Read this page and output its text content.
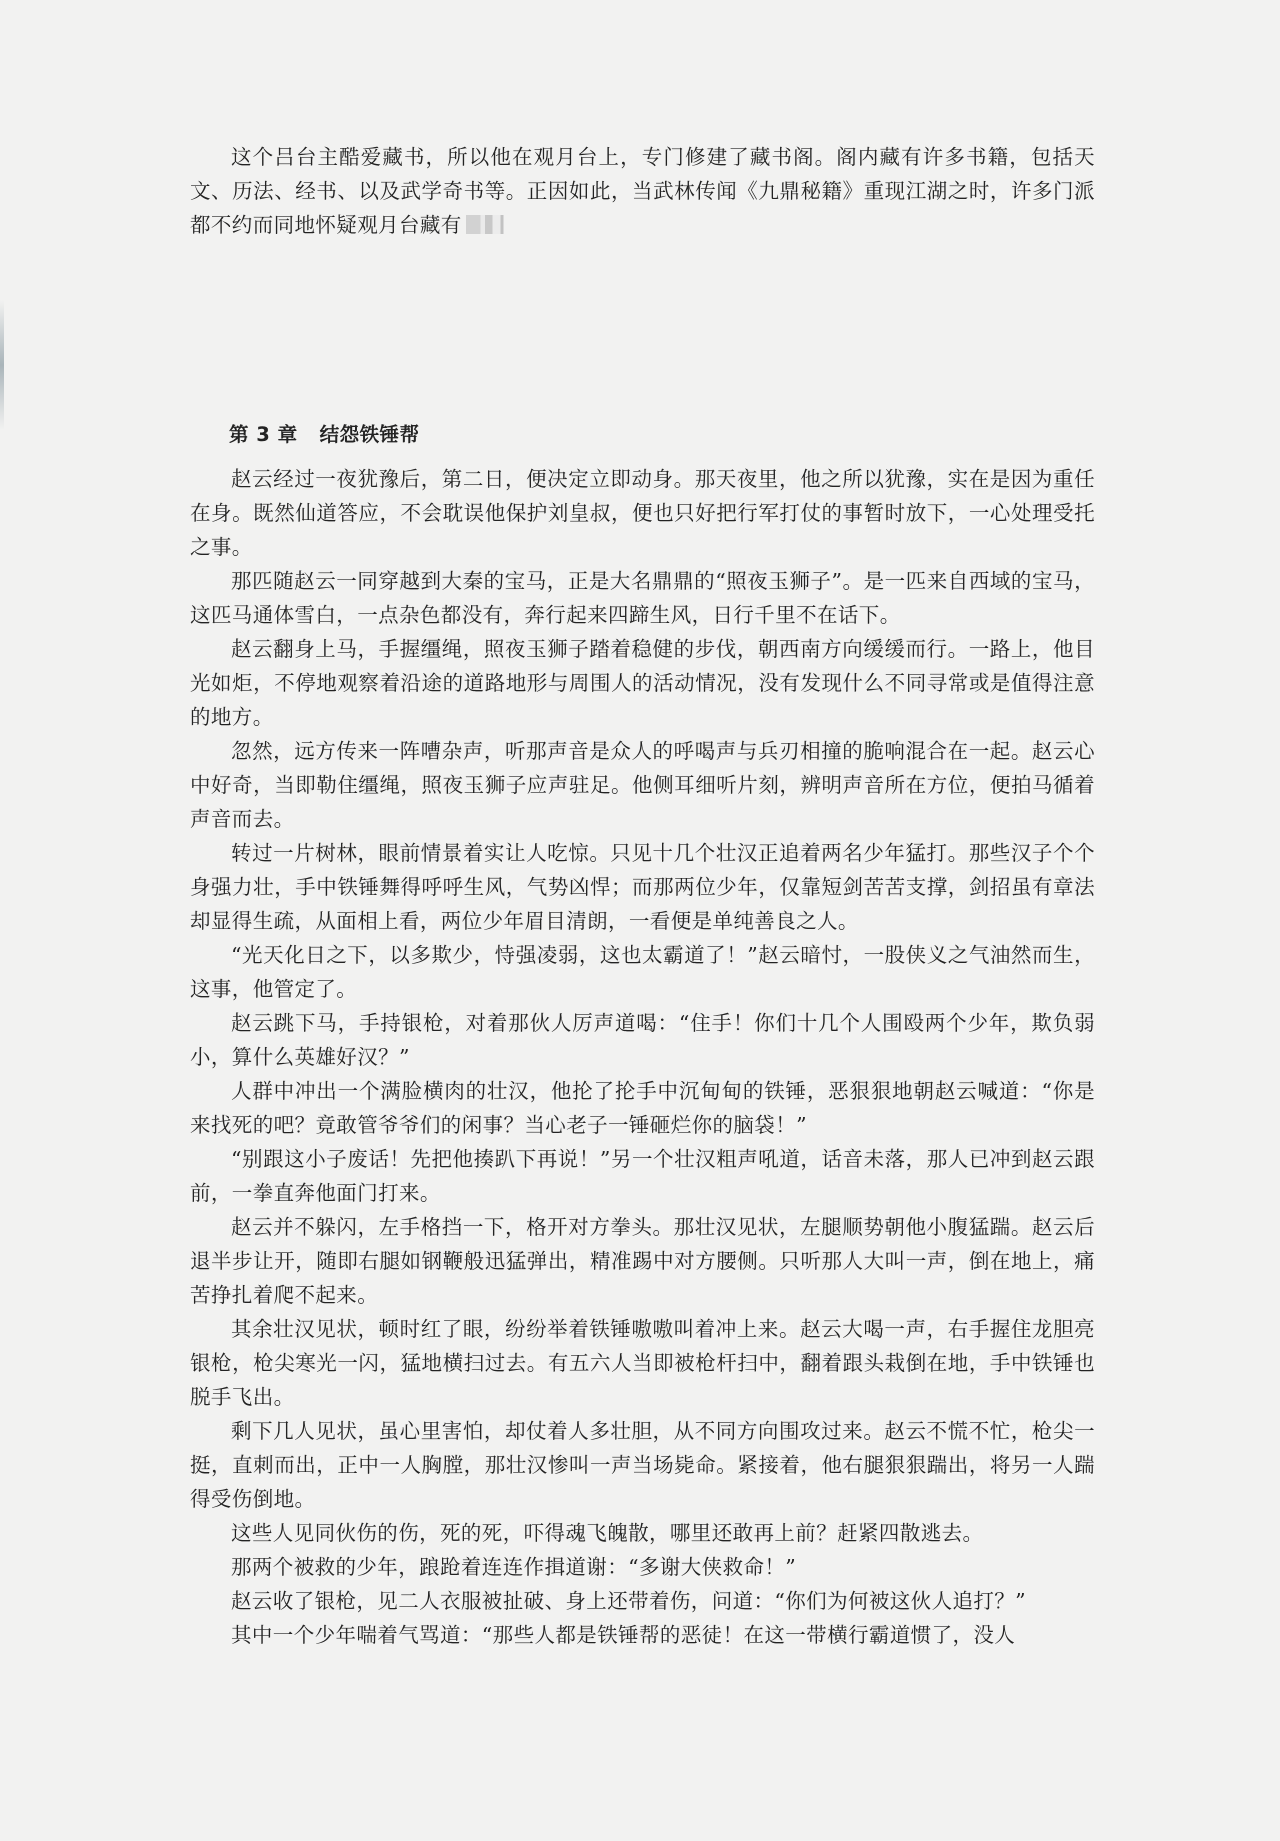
这个吕台主酷爱藏书，所以他在观月台上，专门修建了藏书阁。阁内藏有许多书籍，包括天文、历法、经书、以及武学奇书等。正因如此，当武林传闻《九鼎秘籍》重现江湖之时，许多门派都不约而同地怀疑观月台藏有

第 3 章 结怨铁锤帮

赵云经过一夜犹豫后，第二日，便决定立即动身。那天夜里，他之所以犹豫，实在是因为重任在身。既然仙道答应，不会耽误他保护刘皇叔，便也只好把行军打仗的事暂时放下，一心处理受托之事。

那匹随赵云一同穿越到大秦的宝马，正是大名鼎鼎的“照夜玉狮子”。是一匹来自西域的宝马，这匹马通体雪白，一点杂色都没有，奔行起来四蹄生风，日行千里不在话下。

赵云翻身上马，手握缰绳，照夜玉狮子踏着稳健的步伐，朝西南方向缓缓而行。一路上，他目光如炬，不停地观察着沿途的道路地形与周围人的活动情况，没有发现什么不同寻常或是值得注意的地方。

忽然，远方传来一阵嘈杂声，听那声音是众人的呼喝声与兵刃相撞的脆响混合在一起。赵云心中好奇，当即勒住缰绳，照夜玉狮子应声驻足。他侧耳细听片刻，辨明声音所在方位，便拍马循着声音而去。

转过一片树林，眼前情景着实让人吃惊。只见十几个壮汉正追着两名少年猛打。那些汉子个个身强力壮，手中铁锤舞得呼呼生风，气势凶悍；而那两位少年，仅靠短剑苦苦支撑，剑招虽有章法却显得生疏，从面相上看，两位少年眉目清朗，一看便是单纯善良之人。

“光天化日之下，以多欺少，恃强凌弱，这也太霸道了！”赵云暗忖，一股侠义之气油然而生，这事，他管定了。

赵云跳下马，手持银枪，对着那伙人厉声道喝：“住手！你们十几个人围殴两个少年，欺负弱小，算什么英雄好汉？”

人群中冲出一个满脸横肉的壮汉，他抡了抡手中沉甸甸的铁锤，恶狠狠地朝赵云喊道：“你是来找死的吧？竟敢管爷爷们的闲事？当心老子一锤砸烂你的脑袋！”

“别跟这小子废话！先把他揍趴下再说！”另一个壮汉粗声吼道，话音未落，那人已冲到赵云跟前，一拳直奔他面门打来。

赵云并不躲闪，左手格挡一下，格开对方拳头。那壮汉见状，左腿顺势朝他小腹猛踹。赵云后退半步让开，随即右腿如钢鞭般迅猛弹出，精准踢中对方腰侧。只听那人大叫一声，倒在地上，痛苦挣扎着爬不起来。

其余壮汉见状，顿时红了眼，纷纷举着铁锤嗷嗷叫着冲上来。赵云大喝一声，右手握住龙胆亮银枪，枪尖寒光一闪，猛地横扫过去。有五六人当即被枪杆扫中，翻着跟头栽倒在地，手中铁锤也脱手飞出。

剩下几人见状，虽心里害怕，却仗着人多壮胆，从不同方向围攻过来。赵云不慌不忙，枪尖一挺，直刺而出，正中一人胸膛，那壮汉惨叫一声当场毙命。紧接着，他右腿狠狠踹出，将另一人踹得受伤倒地。

这些人见同伙伤的伤，死的死，吓得魂飞魄散，哪里还敢再上前？赶紧四散逃去。

那两个被救的少年，踉跄着连连作揖道谢：“多谢大侠救命！”

赵云收了银枪，见二人衣服被扯破、身上还带着伤，问道：“你们为何被这伙人追打？”

其中一个少年喘着气骂道：“那些人都是铁锤帮的恶徒！在这一带横行霸道惯了，没人
